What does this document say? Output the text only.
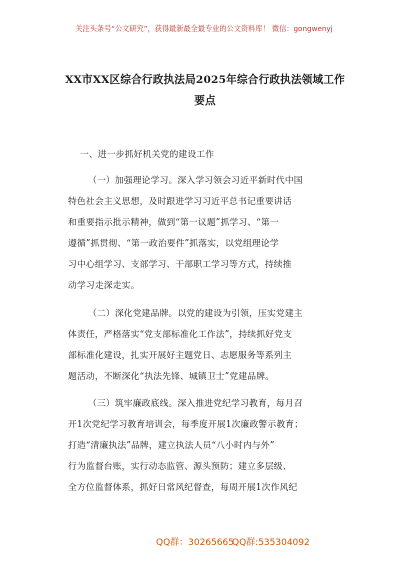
关注头条号“公文研究”，获得最新最全最专业的公文资料库！ 微信：gongwenyj
XX市XX区综合行政执法局2025年综合行政执法领域工作
要点
一、进一步抓好机关党的建设工作
（一）加强理论学习。深入学习领会习近平新时代中国
特色社会主义思想，及时跟进学习习近平总书记重要讲话
和重要指示批示精神，做到“第一议题”抓学习、“第一
遵循”抓贯彻、“第一政治要件”抓落实，以党组理论学
习中心组学习、支部学习、干部职工学习等方式，持续推
动学习走深走实。
（二）深化党建品牌。以党的建设为引领，压实党建主
体责任，严格落实“党支部标准化工作法”，持续抓好党支
部标准化建设，扎实开展好主题党日、志愿服务等系列主
题活动，不断深化“执法先锋、城镇卫士”党建品牌。
（三）筑牢廉政底线。深入推进党纪学习教育，每月召
开1次党纪学习教育培训会，每季度开展1次廉政警示教育；
打造“清廉执法”品牌，建立执法人员“八小时内与外”
行为监督台账，实行动态监管、源头预防；建立多层级、
全方位监督体系，抓好日常风纪督查，每周开展1次作风纪
QQ群：30265665
QQ群:535304092
